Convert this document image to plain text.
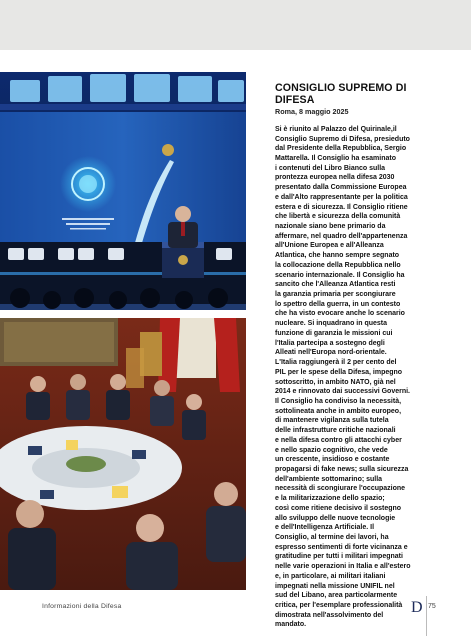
CONSIGLIO SUPREMO DI
DIFESA

Roma, 8 maggio 2025

Si è riunito al Palazzo del Quirinale,il
Consiglio Supremo di Difesa, presieduto
dal Presidente della Repubblica, Sergio
Mattarella. Il Consiglio ha esaminato
i contenuti del Libro Bianco sulla
prontezza europea nella difesa 2030
presentato dalla Commissione Europea
e dall'Alto rappresentante per la politica
estera e di sicurezza. Il Consiglio ritiene
che libertà e sicurezza della comunità
nazionale siano bene primario da
affermare, nel quadro dell'appartenenza
all'Unione Europea e all'Alleanza
Atlantica, che hanno sempre segnato
la collocazione della Repubblica nello
scenario internazionale. Il Consiglio ha
sancito che l'Alleanza Atlantica resti
la garanzia primaria per scongiurare
lo spettro della guerra, in un contesto
che ha visto evocare anche lo scenario
nucleare. Si inquadrano in questa
funzione di garanzia le missioni cui
l'Italia partecipa a sostegno degli
Alleati nell'Europa nord-orientale.
L'Italia raggiungerà il 2 per cento del
PIL per le spese della Difesa, impegno
sottoscritto, in ambito NATO, già nel
2014 e rinnovato dai successivi Governi.
Il Consiglio ha condiviso la necessità,
sottolineata anche in ambito europeo,
di mantenere vigilanza sulla tutela
delle infrastrutture critiche nazionali
e nella difesa contro gli attacchi cyber
e nello spazio cognitivo, che vede
un crescente, insidioso e costante
propagarsi di fake news; sulla sicurezza
dell'ambiente sottomarino; sulla
necessità di scongiurare l'occupazione
e la militarizzazione dello spazio;
così come ritiene decisivo il sostegno
allo sviluppo delle nuove tecnologie
e dell'Intelligenza Artificiale. Il
Consiglio, al termine dei lavori, ha
espresso sentimenti di forte vicinanza e
gratitudine per tutti i militari impegnati
nelle varie operazioni in Italia e all'estero
e, in particolare, ai militari italiani
impegnati nella missione UNIFIL nel
sud del Libano, area particolarmente
critica, per l'esemplare professionalità
dimostrata nell'assolvimento del
mandato.

Informazioni della Difesa	D 75
